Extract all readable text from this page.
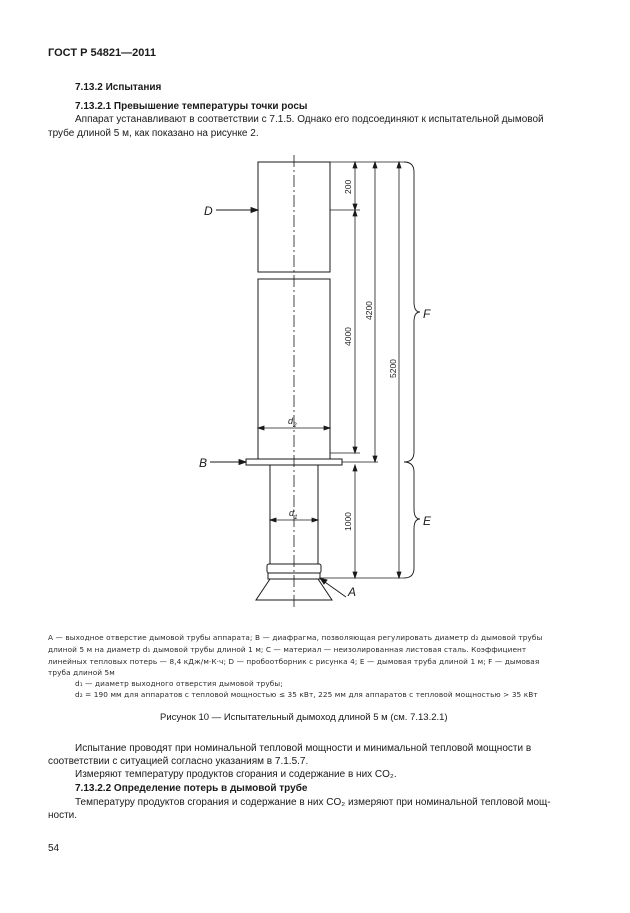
ГОСТ Р 54821—2011
7.13.2 Испытания
7.13.2.1 Превышение температуры точки росы
Аппарат устанавливают в соответствии с 7.1.5. Однако его подсоединяют к испытательной дымовой
трубе длиной 5 м, как показано на рисунке 2.
$d_2$
$d_1$
D
B
A
200
4000
4200
5200
1000
F
E
A — выходное отверстие дымовой трубы аппарата; B — диафрагма, позволяющая регулировать диаметр d₂ дымовой трубы
длиной 5 м на диаметр d₁ дымовой трубы длиной 1 м; C — материал — неизолированная листовая сталь. Коэффициент
линейных тепловых потерь — 8,4 кДж/м·К·ч; D — пробоотборник с рисунка 4; E — дымовая труба длиной 1 м; F — дымовая
труба длиной 5м
d₁ — диаметр выходного отверстия дымовой трубы;
d₂ = 190 мм для аппаратов с тепловой мощностью ≤ 35 кВт, 225 мм для аппаратов с тепловой мощностью > 35 кВт
Рисунок 10 — Испытательный дымоход длиной 5 м (см. 7.13.2.1)
Испытание проводят при номинальной тепловой мощности и минимальной тепловой мощности в
соответствии с ситуацией согласно указаниям в 7.1.5.7.
Измеряют температуру продуктов сгорания и содержание в них CO₂.
7.13.2.2 Определение потерь в дымовой трубе
Температуру продуктов сгорания и содержание в них CO₂ измеряют при номинальной тепловой мощ-
ности.
54
